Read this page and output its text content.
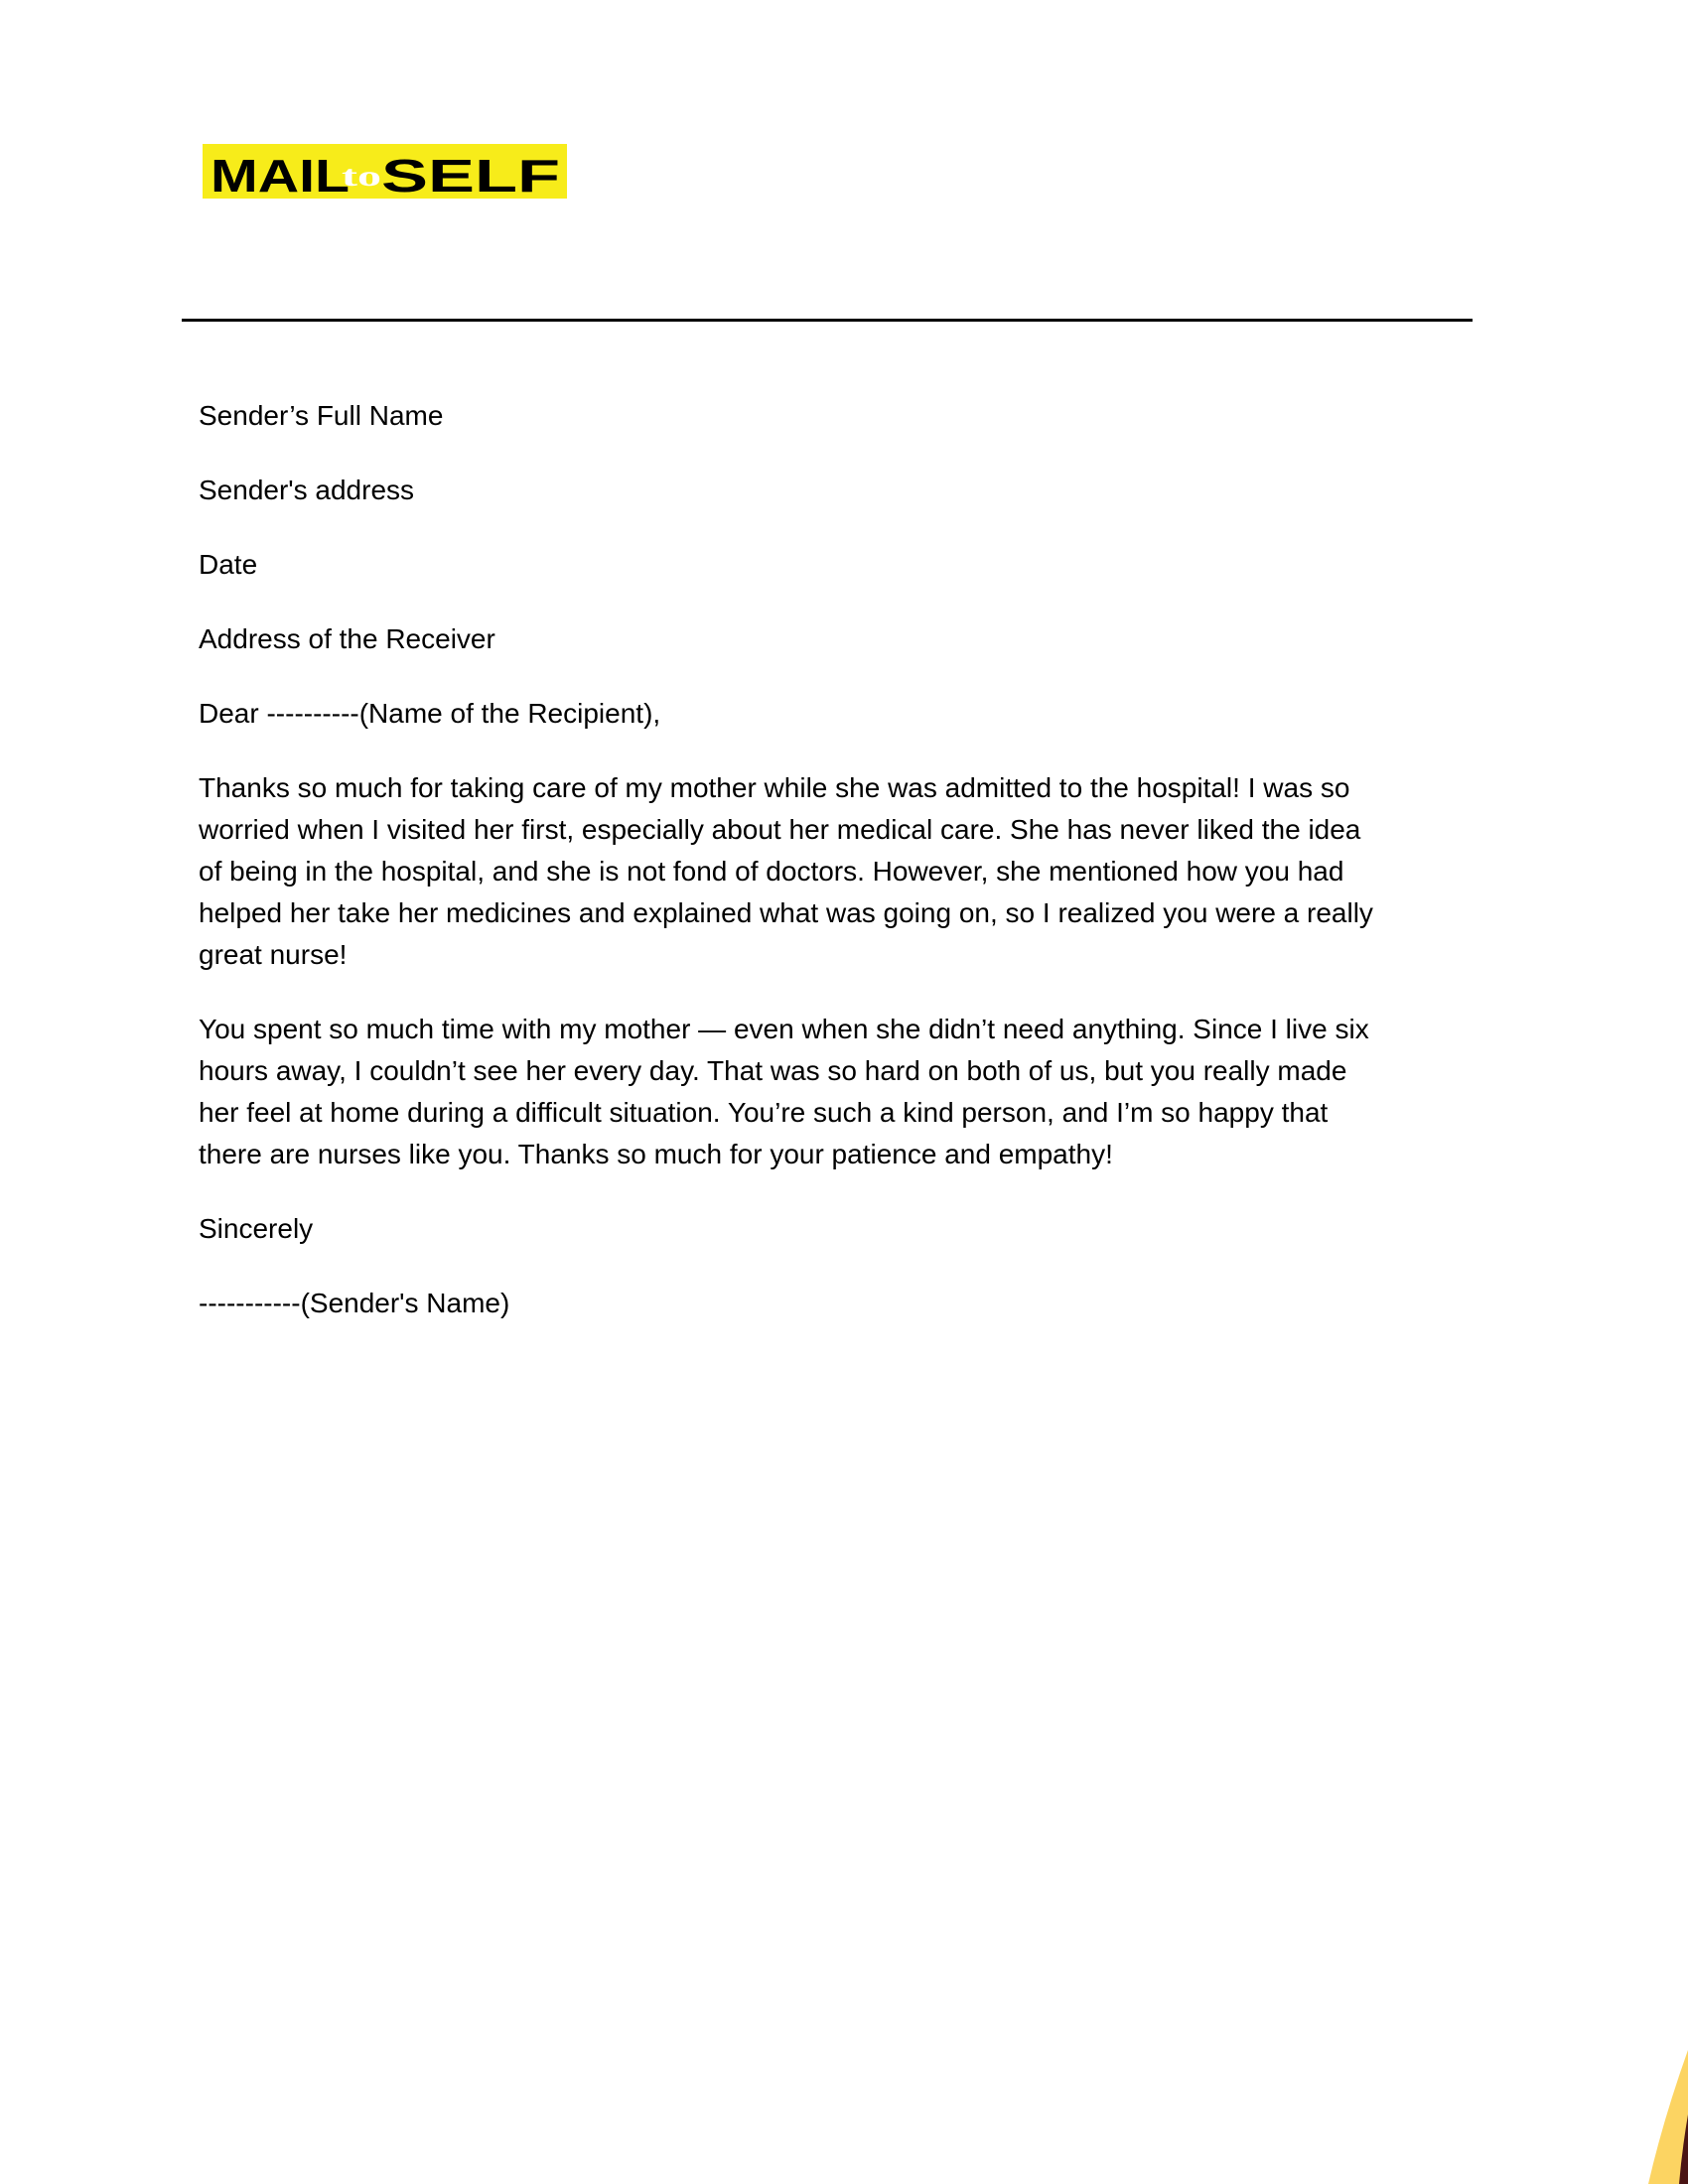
MAIL
to SELF

Sender’s Full Name

Sender's address

Date

Address of the Receiver

Dear ----------(Name of the Recipient),

Thanks so much for taking care of my mother while she was admitted to the hospital! I was so
worried when I visited her first, especially about her medical care. She has never liked the idea
of being in the hospital, and she is not fond of doctors. However, she mentioned how you had
helped her take her medicines and explained what was going on, so I realized you were a really
great nurse!

You spent so much time with my mother — even when she didn’t need anything. Since I live six
hours away, I couldn’t see her every day. That was so hard on both of us, but you really made
her feel at home during a difficult situation. You’re such a kind person, and I’m so happy that
there are nurses like you. Thanks so much for your patience and empathy!

Sincerely

-----------(Sender's Name)
